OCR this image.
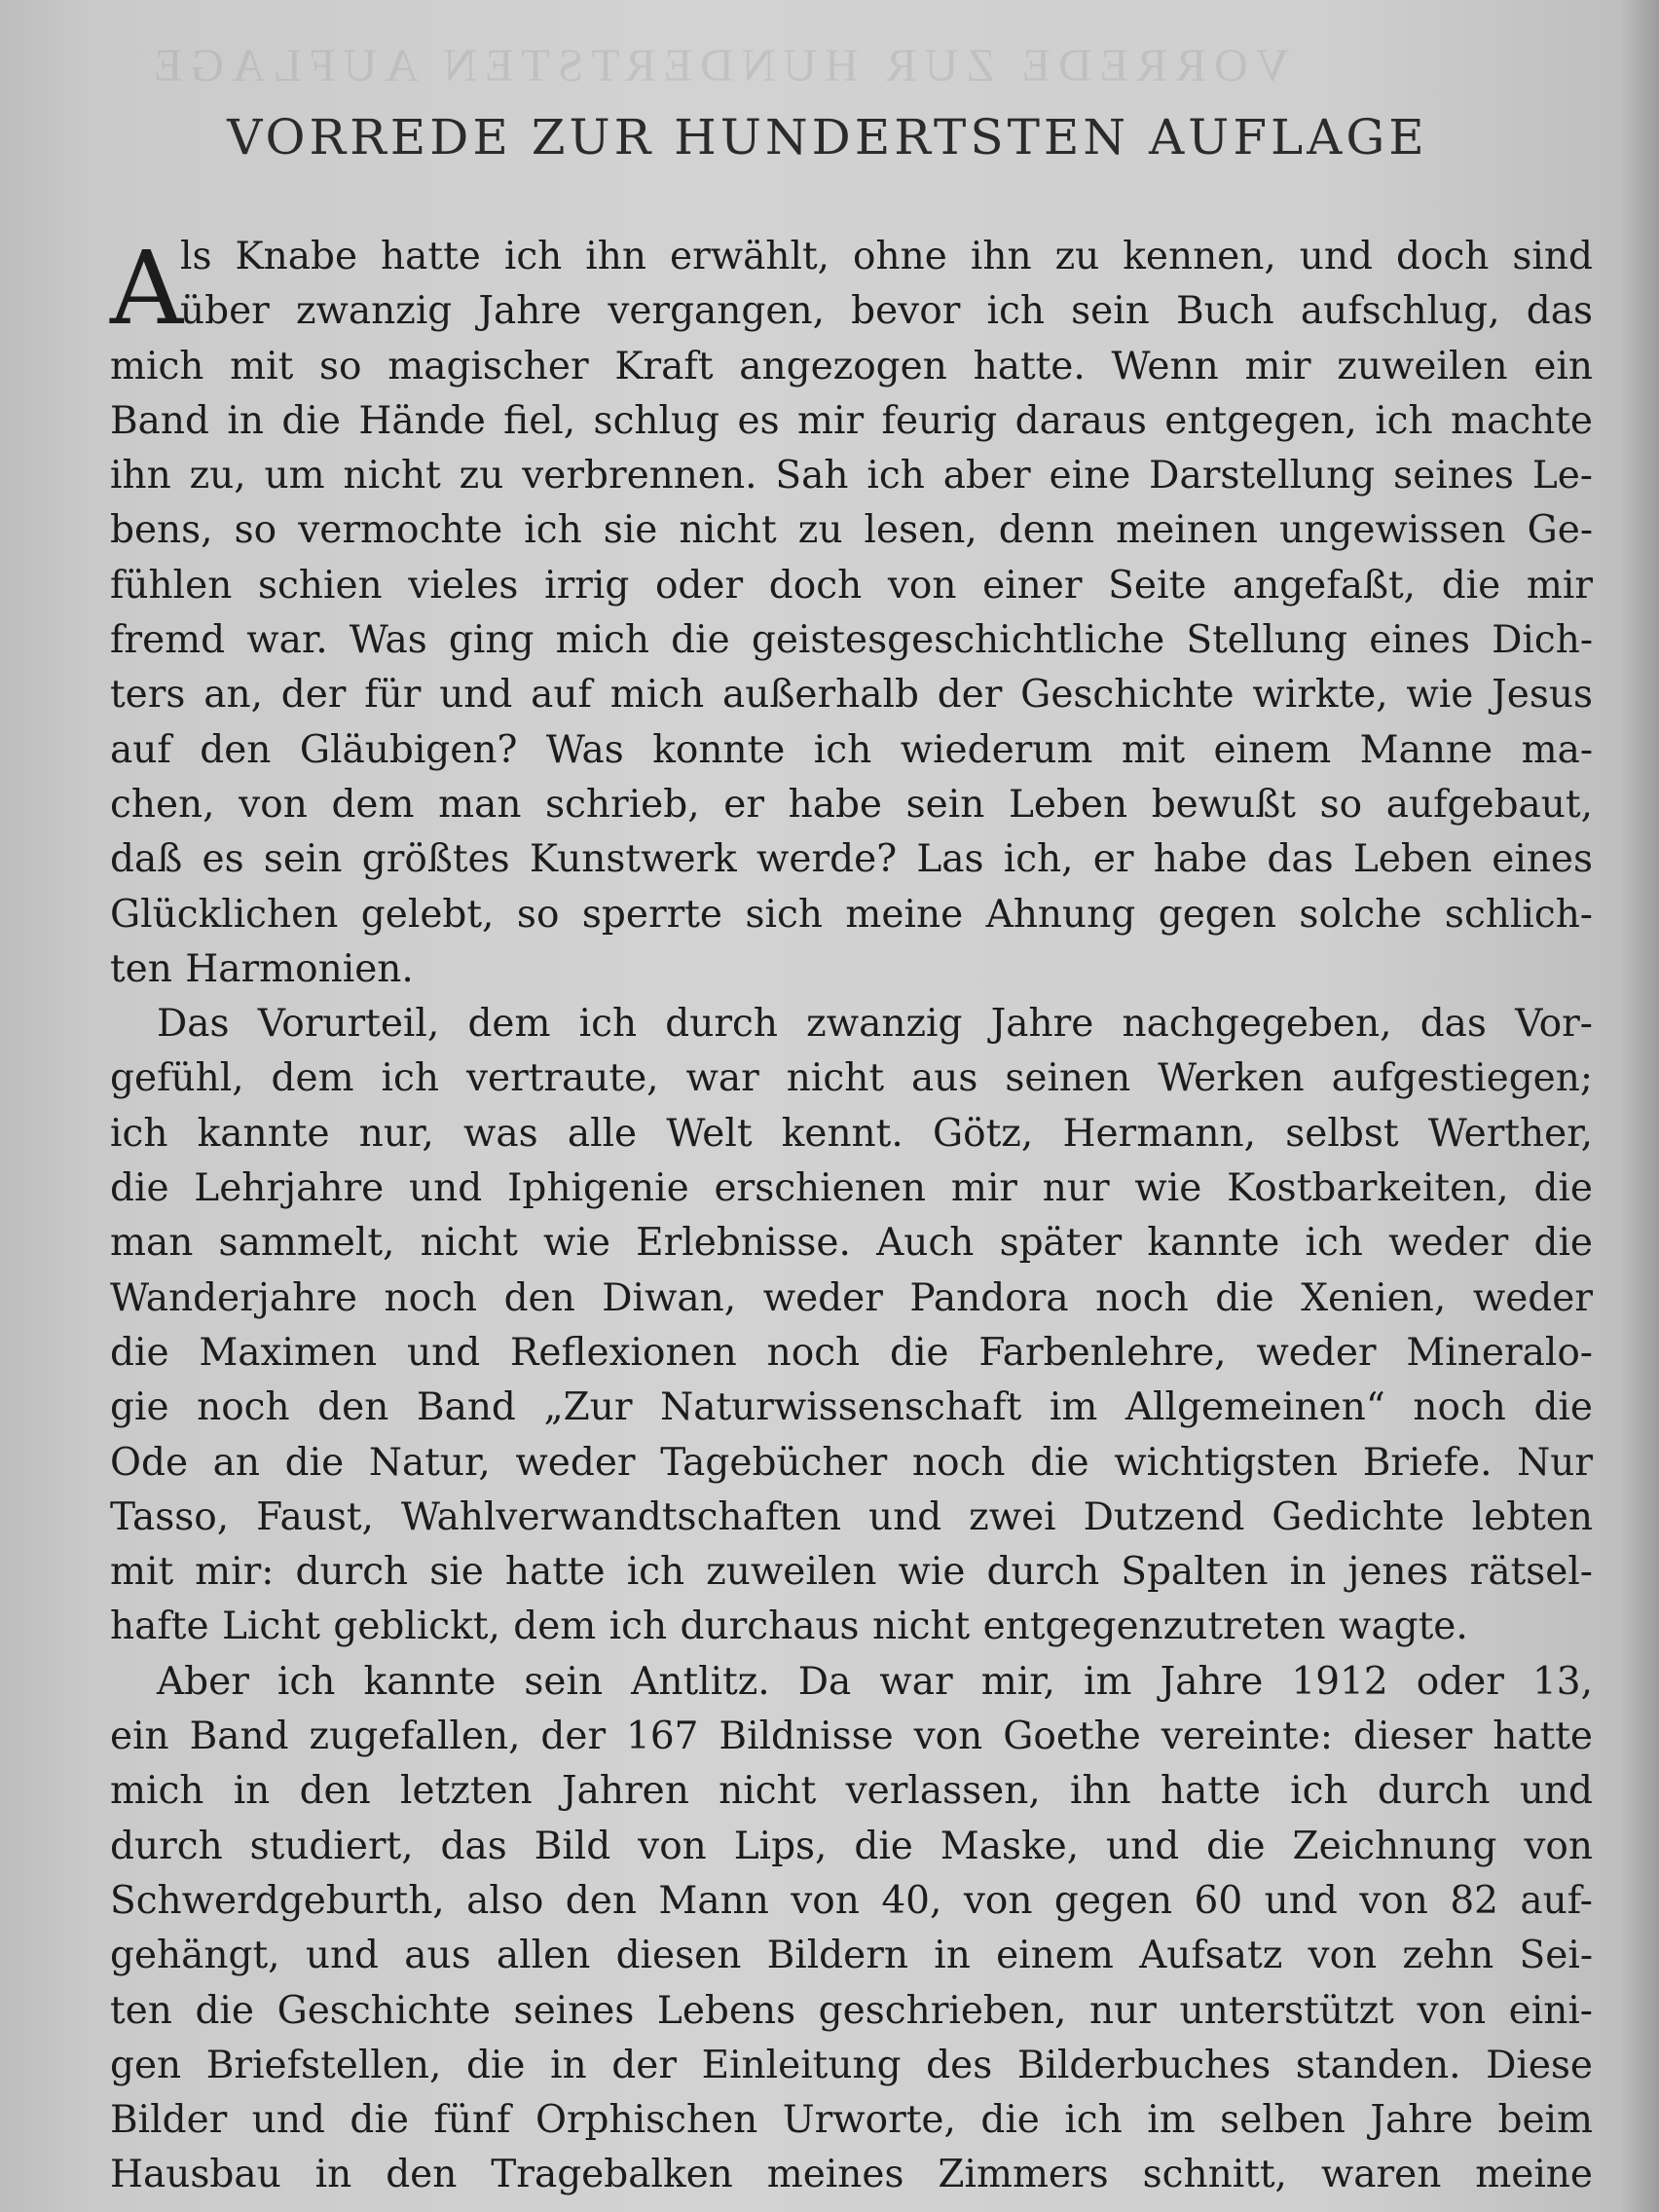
VORREDE ZUR HUNDERTSTEN AUFLAGE
VORREDE ZUR HUNDERTSTEN AUFLAGE
A
ls Knabe hatte ich ihn erwählt, ohne ihn zu kennen, und doch sind
über zwanzig Jahre vergangen, bevor ich sein Buch aufschlug, das
mich mit so magischer Kraft angezogen hatte. Wenn mir zuweilen ein
Band in die Hände fiel, schlug es mir feurig daraus entgegen, ich machte
ihn zu, um nicht zu verbrennen. Sah ich aber eine Darstellung seines Le-
bens, so vermochte ich sie nicht zu lesen, denn meinen ungewissen Ge-
fühlen schien vieles irrig oder doch von einer Seite angefaßt, die mir
fremd war. Was ging mich die geistesgeschichtliche Stellung eines Dich-
ters an, der für und auf mich außerhalb der Geschichte wirkte, wie Jesus
auf den Gläubigen? Was konnte ich wiederum mit einem Manne ma-
chen, von dem man schrieb, er habe sein Leben bewußt so aufgebaut,
daß es sein größtes Kunstwerk werde? Las ich, er habe das Leben eines
Glücklichen gelebt, so sperrte sich meine Ahnung gegen solche schlich-
ten Harmonien.
Das Vorurteil, dem ich durch zwanzig Jahre nachgegeben, das Vor-
gefühl, dem ich vertraute, war nicht aus seinen Werken aufgestiegen;
ich kannte nur, was alle Welt kennt. Götz, Hermann, selbst Werther,
die Lehrjahre und Iphigenie erschienen mir nur wie Kostbarkeiten, die
man sammelt, nicht wie Erlebnisse. Auch später kannte ich weder die
Wanderjahre noch den Diwan, weder Pandora noch die Xenien, weder
die Maximen und Reflexionen noch die Farbenlehre, weder Mineralo-
gie noch den Band „Zur Naturwissenschaft im Allgemeinen“ noch die
Ode an die Natur, weder Tagebücher noch die wichtigsten Briefe. Nur
Tasso, Faust, Wahlverwandtschaften und zwei Dutzend Gedichte lebten
mit mir: durch sie hatte ich zuweilen wie durch Spalten in jenes rätsel-
hafte Licht geblickt, dem ich durchaus nicht entgegenzutreten wagte.
Aber ich kannte sein Antlitz. Da war mir, im Jahre 1912 oder 13,
ein Band zugefallen, der 167 Bildnisse von Goethe vereinte: dieser hatte
mich in den letzten Jahren nicht verlassen, ihn hatte ich durch und
durch studiert, das Bild von Lips, die Maske, und die Zeichnung von
Schwerdgeburth, also den Mann von 40, von gegen 60 und von 82 auf-
gehängt, und aus allen diesen Bildern in einem Aufsatz von zehn Sei-
ten die Geschichte seines Lebens geschrieben, nur unterstützt von eini-
gen Briefstellen, die in der Einleitung des Bilderbuches standen. Diese
Bilder und die fünf Orphischen Urworte, die ich im selben Jahre beim
Hausbau in den Tragebalken meines Zimmers schnitt, waren meine
